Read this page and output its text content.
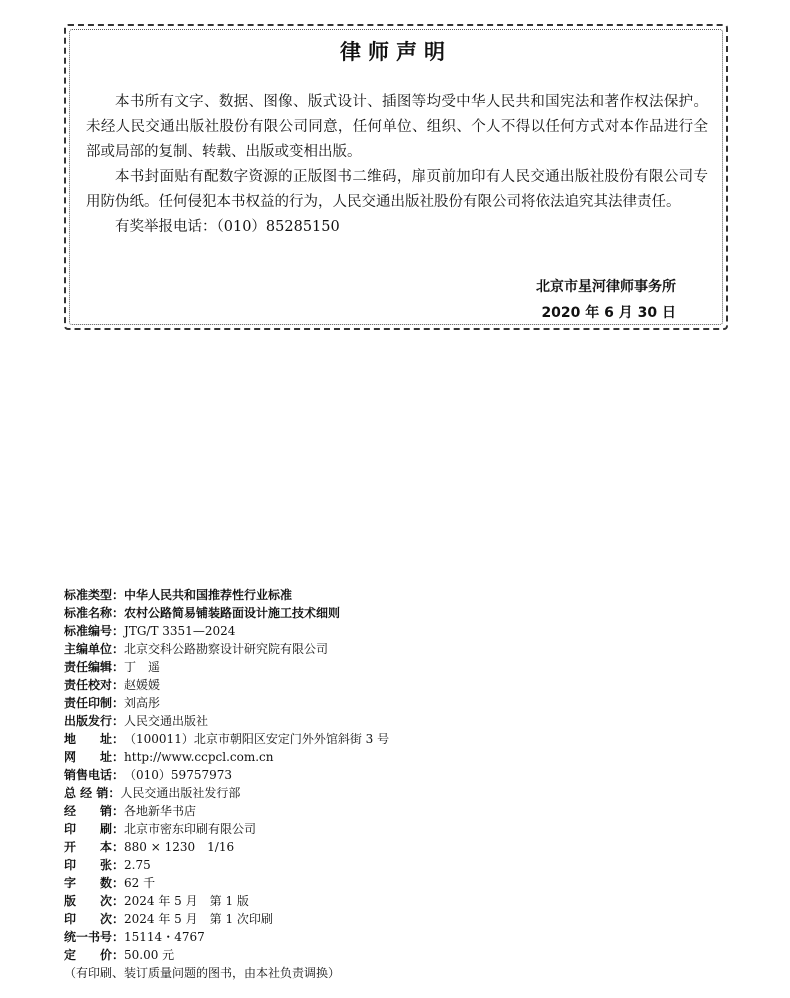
律师声明

本书所有文字、数据、图像、版式设计、插图等均受中华人民共和国宪法和著作权法保护。未经人民交通出版社股份有限公司同意，任何单位、组织、个人不得以任何方式对本作品进行全部或局部的复制、转载、出版或变相出版。

本书封面贴有配数字资源的正版图书二维码，扉页前加印有人民交通出版社股份有限公司专用防伪纸。任何侵犯本书权益的行为，人民交通出版社股份有限公司将依法追究其法律责任。

有奖举报电话：（010）85285150

北京市星河律师事务所
2020 年 6 月 30 日
标准类型： 中华人民共和国推荐性行业标准
标准名称： 农村公路简易铺装路面设计施工技术细则
标准编号： JTG/T 3351—2024
主编单位： 北京交科公路勘察设计研究院有限公司
责任编辑： 丁　遥
责任校对： 赵媛媛
责任印制： 刘高彤
出版发行： 人民交通出版社
地　　址： （100011）北京市朝阳区安定门外外馆斜街 3 号
网　　址： http://www.ccpcl.com.cn
销售电话： （010）59757973
总 经 销： 人民交通出版社发行部
经　　销： 各地新华书店
印　　刷： 北京市密东印刷有限公司
开　　本： 880 × 1230　1/16
印　　张： 2.75
字　　数： 62 千
版　　次： 2024 年 5 月　第 1 版
印　　次： 2024 年 5 月　第 1 次印刷
统一书号： 15114・4767
定　　价： 50.00 元
（有印刷、装订质量问题的图书，由本社负责调换）
